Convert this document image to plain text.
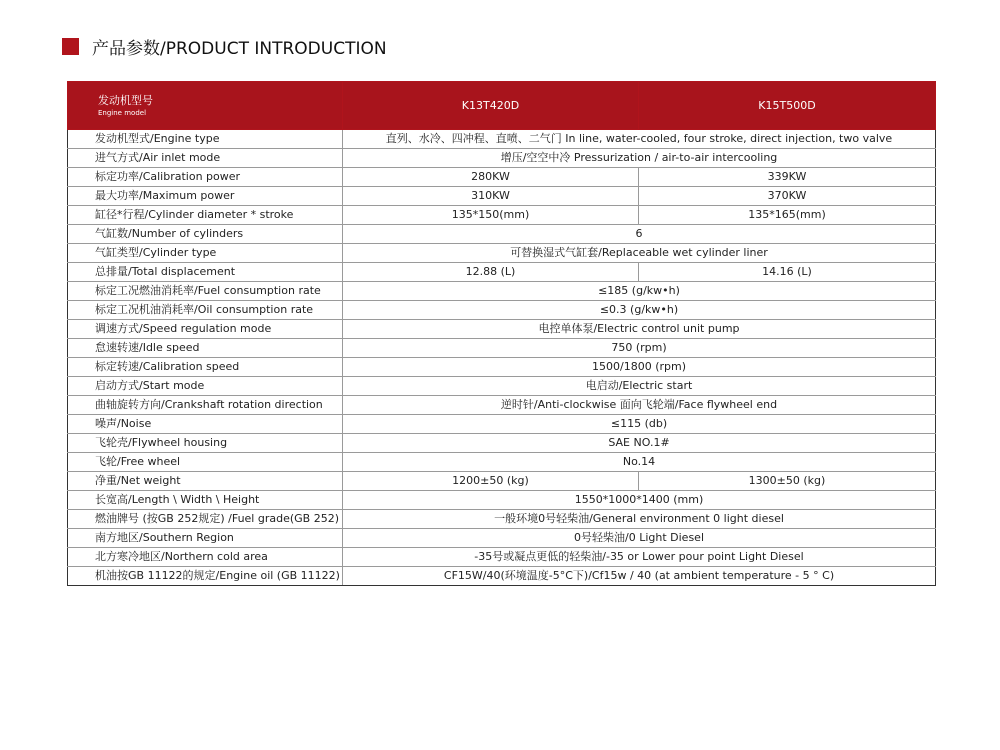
产品参数/PRODUCT INTRODUCTION
发动机型号
Engine model	K13T420D	K15T500D
发动机型式/Engine type	直列、水冷、四冲程、直喷、二气门 In line, water-cooled, four stroke, direct injection, two valve	
进气方式/Air inlet mode	增压/空空中冷 Pressurization / air-to-air intercooling	
标定功率/Calibration power	280KW	339KW
最大功率/Maximum power	310KW	370KW
缸径*行程/Cylinder diameter * stroke	135*150(mm)	135*165(mm)
气缸数/Number of cylinders	6	
气缸类型/Cylinder type	可替换湿式气缸套/Replaceable wet cylinder liner	
总排量/Total displacement	12.88 (L)	14.16 (L)
标定工况燃油消耗率/Fuel consumption rate	≤185 (g/kw•h)	
标定工况机油消耗率/Oil consumption rate	≤0.3 (g/kw•h)	
调速方式/Speed regulation mode	电控单体泵/Electric control unit pump	
怠速转速/Idle speed	750 (rpm)	
标定转速/Calibration speed	1500/1800 (rpm)	
启动方式/Start mode	电启动/Electric start	
曲轴旋转方向/Crankshaft rotation direction	逆时针/Anti-clockwise 面向飞轮端/Face flywheel end	
噪声/Noise	≤115 (db)	
飞轮壳/Flywheel housing	SAE NO.1#	
飞轮/Free wheel	No.14	
净重/Net weight	1200±50 (kg)	1300±50 (kg)
长宽高/Length \ Width \ Height	1550*1000*1400 (mm)	
燃油牌号 (按GB 252规定) /Fuel grade(GB 252)	一般环境0号轻柴油/General environment 0 light diesel	
南方地区/Southern Region	0号轻柴油/0 Light Diesel	
北方寒冷地区/Northern cold area	-35号或凝点更低的轻柴油/-35 or Lower pour point Light Diesel	
机油按GB 11122的规定/Engine oil (GB 11122)	CF15W/40(环境温度-5°C下)/Cf15w / 40 (at ambient temperature - 5 ° C)	
